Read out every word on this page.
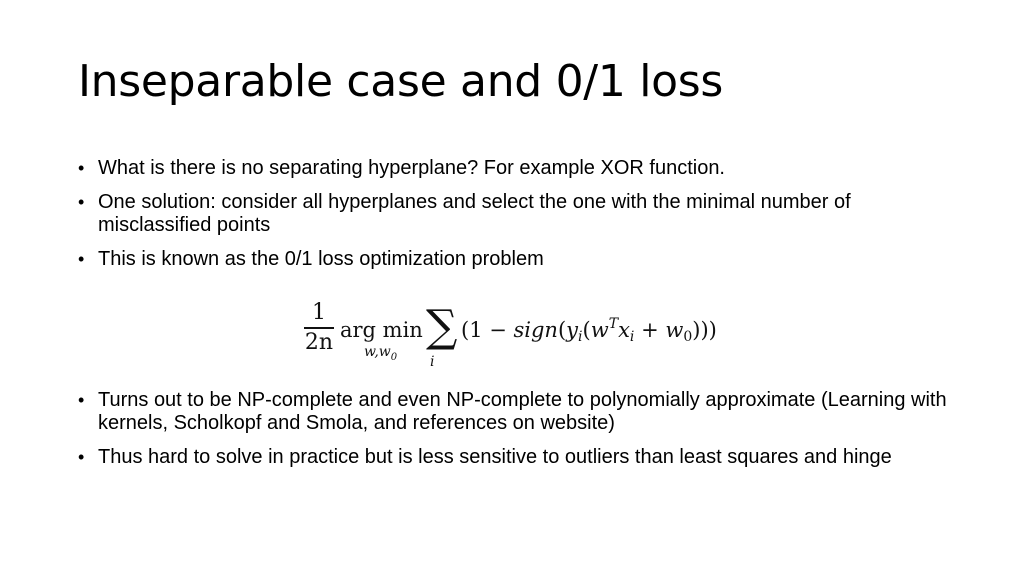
Inseparable case and 0/1 loss
• What is there is no separating hyperplane? For example XOR function.
• One solution: consider all hyperplanes and select the one with the minimal number of misclassified points
• This is known as the 0/1 loss optimization problem
1
2n arg min
$w,w_0$
∑
i
$(1 - sign(y_i(w^Tx_i + w_0)))$
• Turns out to be NP-complete and even NP-complete to polynomially approximate (Learning with kernels, Scholkopf and Smola, and references on website)
• Thus hard to solve in practice but is less sensitive to outliers than least squares and hinge
